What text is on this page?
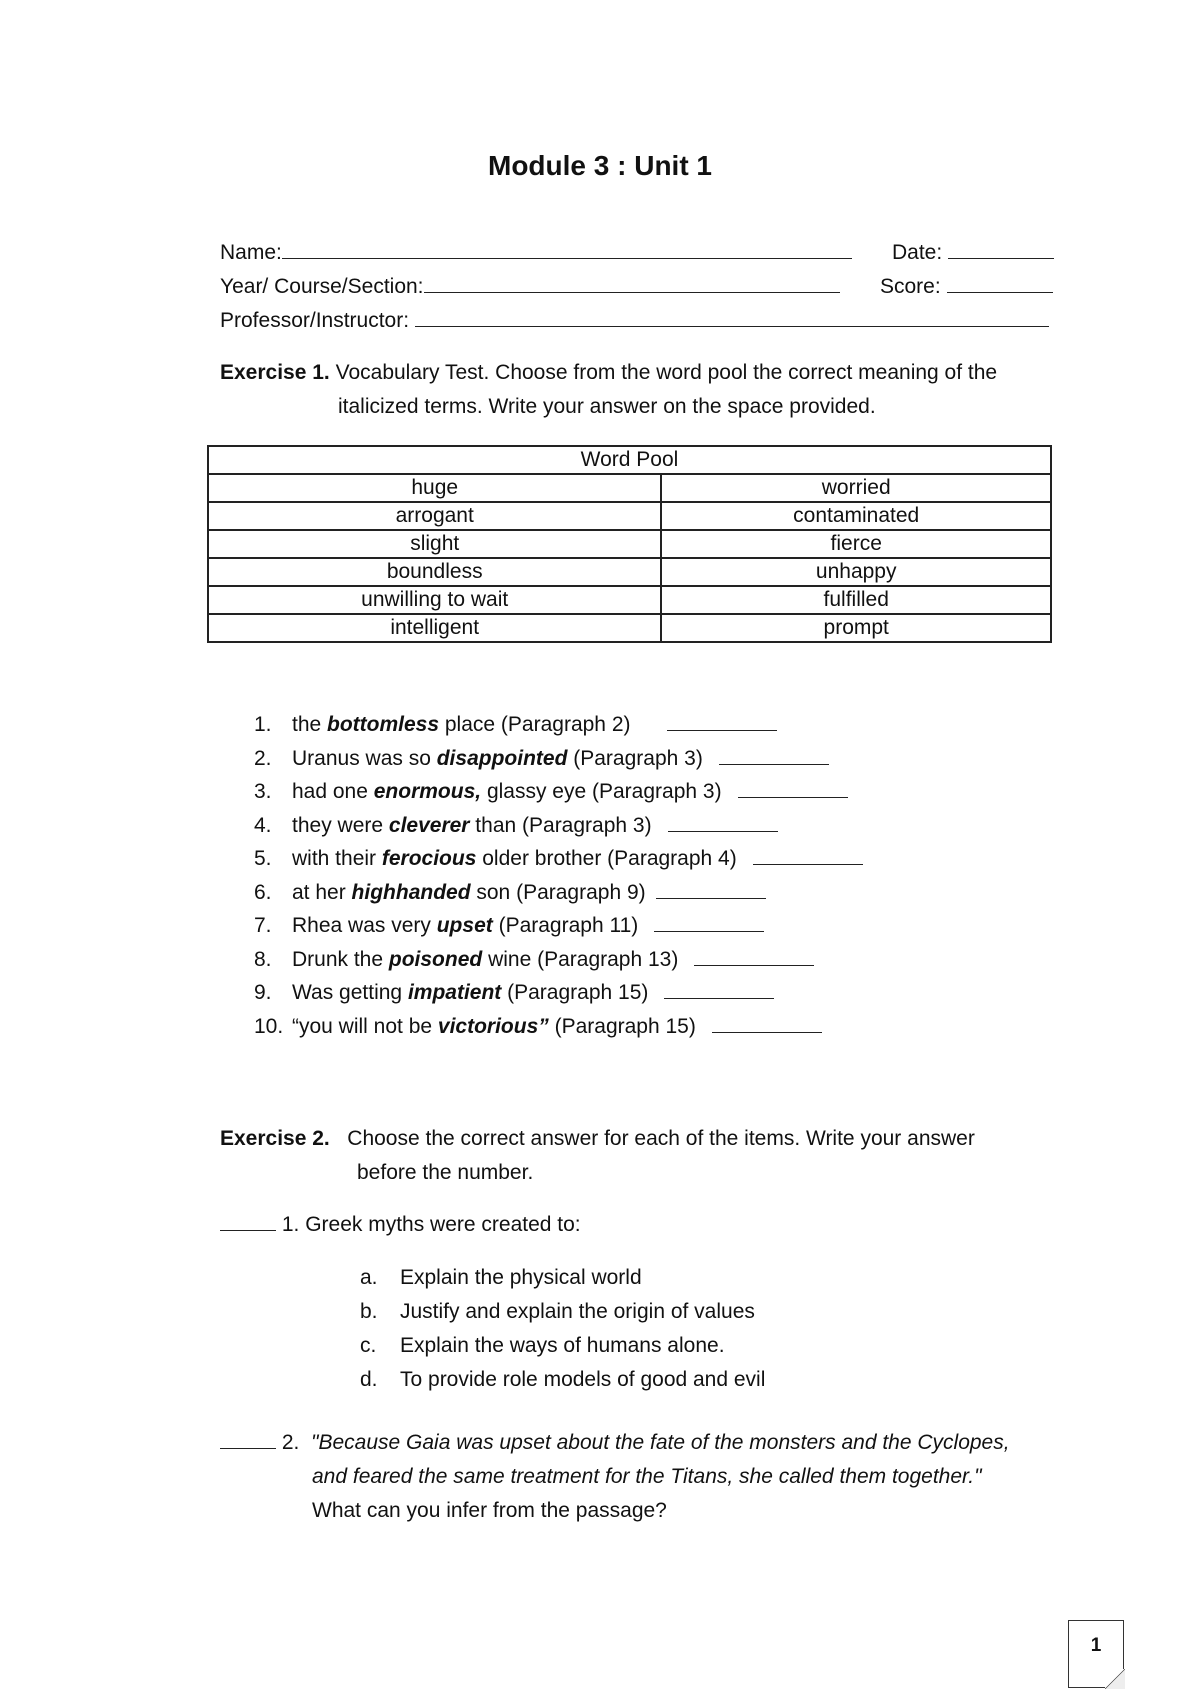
Module 3 : Unit 1
Name:	Date:
Year/ Course/Section:	Score:
Professor/Instructor:
Exercise 1. Vocabulary Test. Choose from the word pool the correct meaning of the
italicized terms. Write your answer on the space provided.
Word Pool	
huge	worried
arrogant	contaminated
slight	fierce
boundless	unhappy
unwilling to wait	fulfilled
intelligent	prompt
1. the bottomless place (Paragraph 2)
2. Uranus was so disappointed (Paragraph 3)
3. had one enormous, glassy eye (Paragraph 3)
4. they were cleverer than (Paragraph 3)
5. with their ferocious older brother (Paragraph 4)
6. at her highhanded son (Paragraph 9)
7. Rhea was very upset (Paragraph 11)
8. Drunk the poisoned wine (Paragraph 13)
9. Was getting impatient (Paragraph 15)
10. “you will not be victorious” (Paragraph 15)
Exercise 2. Choose the correct answer for each of the items. Write your answer
before the number.
1. Greek myths were created to:
a. Explain the physical world
b. Justify and explain the origin of values
c. Explain the ways of humans alone.
d. To provide role models of good and evil
2. "Because Gaia was upset about the fate of the monsters and the Cyclopes,
and feared the same treatment for the Titans, she called them together."
What can you infer from the passage?
1
